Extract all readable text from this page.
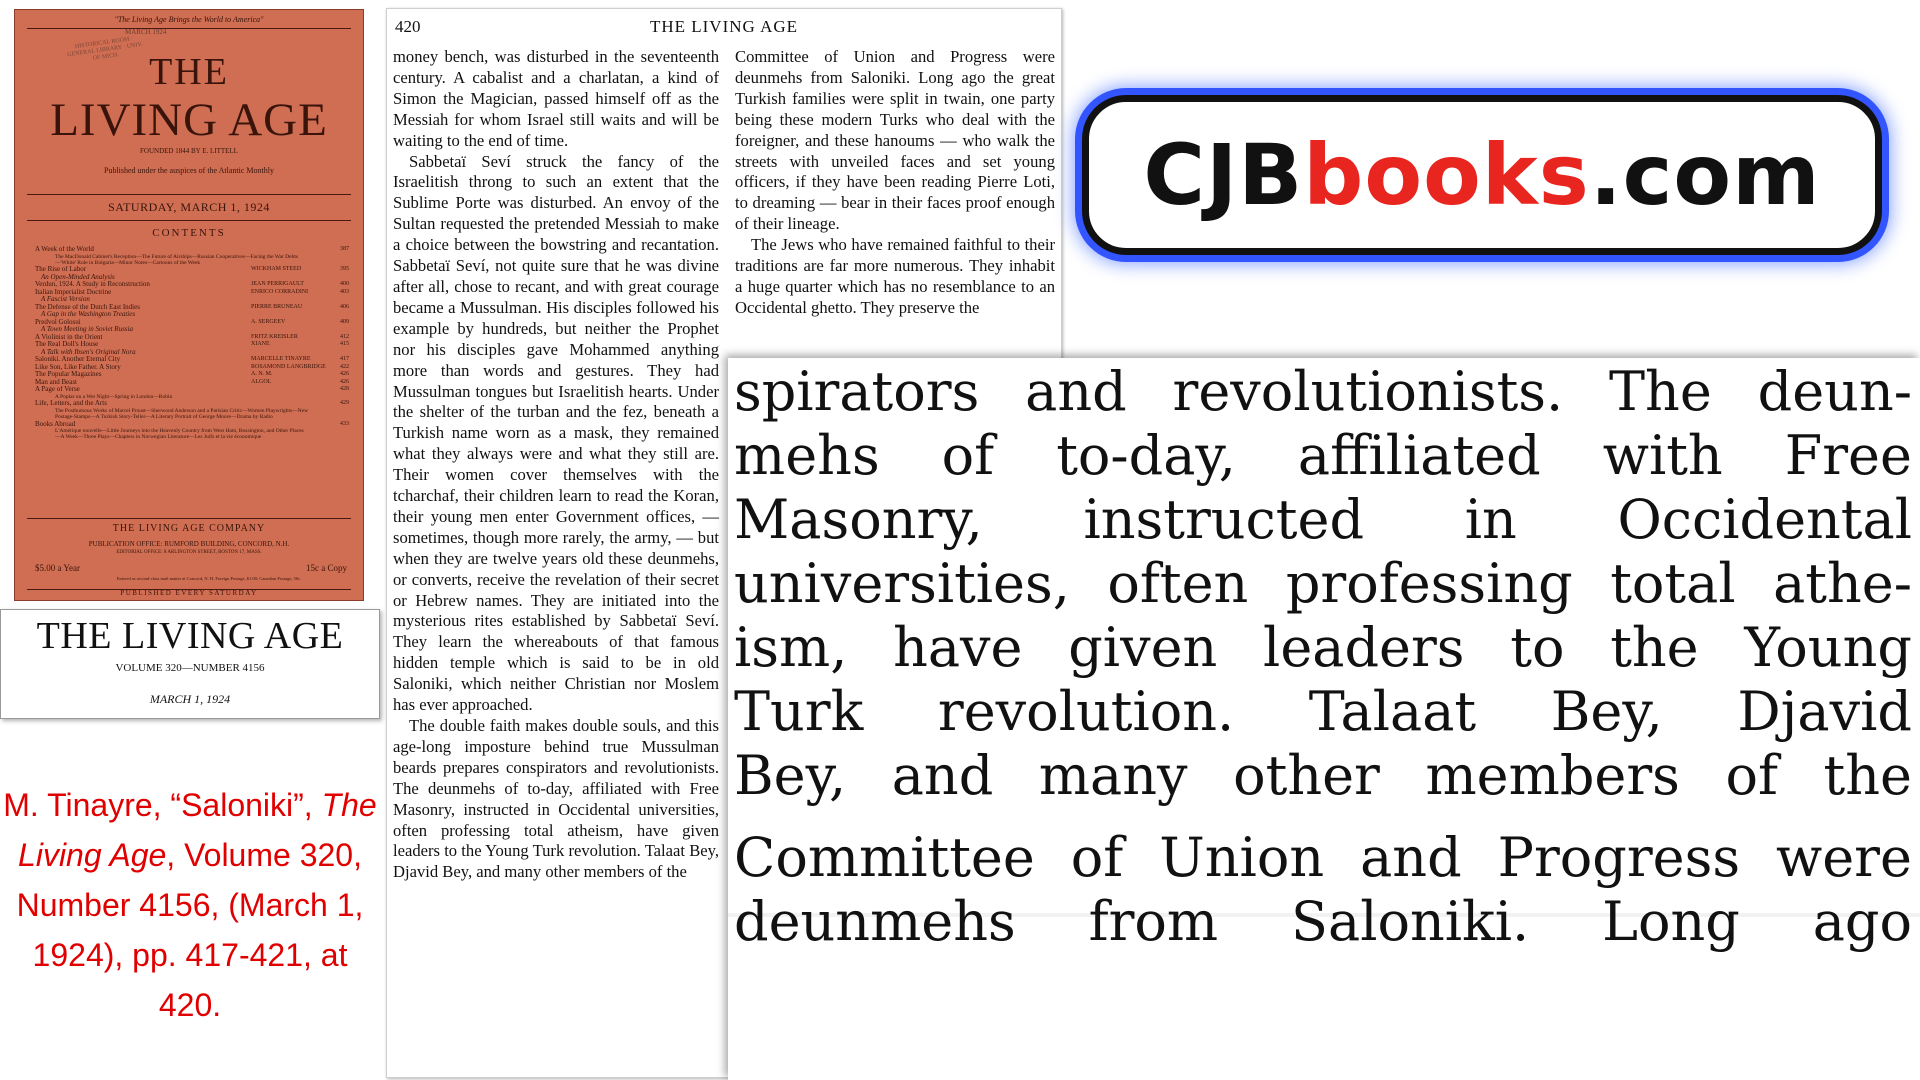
"The Living Age Brings the World to America"
HISTORICAL ROOM · GENERAL LIBRARY · UNIV. OF MICH.
MARCH 1924
THE
LIVING AGE
FOUNDED 1844 BY E. LITTELL
Published under the auspices of the Atlantic Monthly
SATURDAY, MARCH 1, 1924
CONTENTS
A Week of the World	387
The MacDonald Cabinet's Reception—The Future of Airships—Russian Cooperatives—Facing the War Debts—'White' Rule in Bulgaria—Minor Notes—Cartoons of the Week
The Rise of Labor	WICKHAM STEED	395
An Open-Minded Analysis
Verdun, 1924. A Study in Reconstruction	JEAN PERRIGAULT	400
Italian Imperialist Doctrine	ENRICO CORRADINI	403
A Fascist Version
The Defense of the Dutch East Indies	PIERRE BRUNEAU	406
A Gap in the Washington Treaties
Predvol Golosui	A. SERGEEV	409
A Town Meeting in Soviet Russia
A Violinist in the Orient	FRITZ KREISLER	412
The Real Doll's House	XIANE	415
A Talk with Ibsen's Original Nora
Saloniki. Another Eternal City	MARCELLE TINAYRE	417
Like Son, Like Father. A Story	ROSAMOND LANGBRIDGE	422
The Popular Magazines	A. N. M.	426
Man and Beast	ALGOL	426
A Page of Verse	428
A Poplar on a Wet Night—Spring in London—Robin
Life, Letters, and the Arts	429
The Posthumous Works of Marcel Proust—Sherwood Anderson and a Parisian Critic—Women Playwrights—New Postage-Stamps—A Turkish Story-Teller—A Literary Portrait of George Moore—Drama by Radio
Books Abroad	433
L'Amérique nouvelle—Little Journeys into the Heavenly Country from West Ham, Bossington, and Other Places—A Week—Three Plays—Chapters in Norwegian Literature—Les Juifs et la vie économique
THE LIVING AGE COMPANY
PUBLICATION OFFICE: RUMFORD BUILDING, CONCORD, N.H.
EDITORIAL OFFICE: 8 ARLINGTON STREET, BOSTON 17, MASS.
$5.00 a Year	15c a Copy
Entered as second-class mail matter at Concord, N. H. Foreign Postage, $1.00; Canadian Postage, 50c.
PUBLISHED EVERY SATURDAY
THE LIVING AGE
VOLUME 320—NUMBER 4156
MARCH 1, 1924
M. Tinayre, “Saloniki”, The Living Age, Volume 320, Number 4156, (March 1, 1924), pp. 417-421, at 420.
420	THE LIVING AGE

money bench, was disturbed in the seventeenth century. A cabalist and a charlatan, a kind of Simon the Magician, passed himself off as the Messiah for whom Israel still waits and will be waiting to the end of time.

Sabbetaï Seví struck the fancy of the Israelitish throng to such an extent that the Sublime Porte was disturbed. An envoy of the Sultan requested the pretended Messiah to make a choice between the bowstring and recantation. Sabbetaï Seví, not quite sure that he was divine after all, chose to recant, and with great courage became a Mussulman. His disciples followed his example by hundreds, but neither the Prophet nor his disciples gave Mohammed anything more than words and gestures. They had Mussulman tongues but Israelitish hearts. Under the shelter of the turban and the fez, beneath a Turkish name worn as a mask, they remained what they always were and what they still are. Their women cover themselves with the tcharchaf, their children learn to read the Koran, their young men enter Government offices, — sometimes, though more rarely, the army, — but when they are twelve years old these deunmehs, or converts, receive the revelation of their secret or Hebrew names. They are initiated into the mysterious rites established by Sabbetaï Seví. They learn the whereabouts of that famous hidden temple which is said to be in old Saloniki, which neither Christian nor Moslem has ever approached.

The double faith makes double souls, and this age-long imposture behind true Mussulman beards prepares conspirators and revolutionists. The deunmehs of to-day, affiliated with Free Masonry, instructed in Occidental universities, often professing total atheism, have given leaders to the Young Turk revolution. Talaat Bey, Djavid Bey, and many other members of the

Committee of Union and Progress were deunmehs from Saloniki. Long ago the great Turkish families were split in twain, one party being these modern Turks who deal with the foreigner, and these hanoums — who walk the streets with unveiled faces and set young officers, if they have been reading Pierre Loti, to dreaming — bear in their faces proof enough of their lineage.

The Jews who have remained faithful to their traditions are far more numerous. They inhabit a huge quarter which has no resemblance to an Occidental ghetto. They preserve the

CJB books .com
spirators and revolutionists. The deun-
mehs of to-day, affiliated with Free
Masonry, instructed in Occidental
universities, often professing total athe-
ism, have given leaders to the Young
Turk revolution. Talaat Bey, Djavid
Bey, and many other members of the
Committee of Union and Progress were
deunmehs from Saloniki. Long ago
